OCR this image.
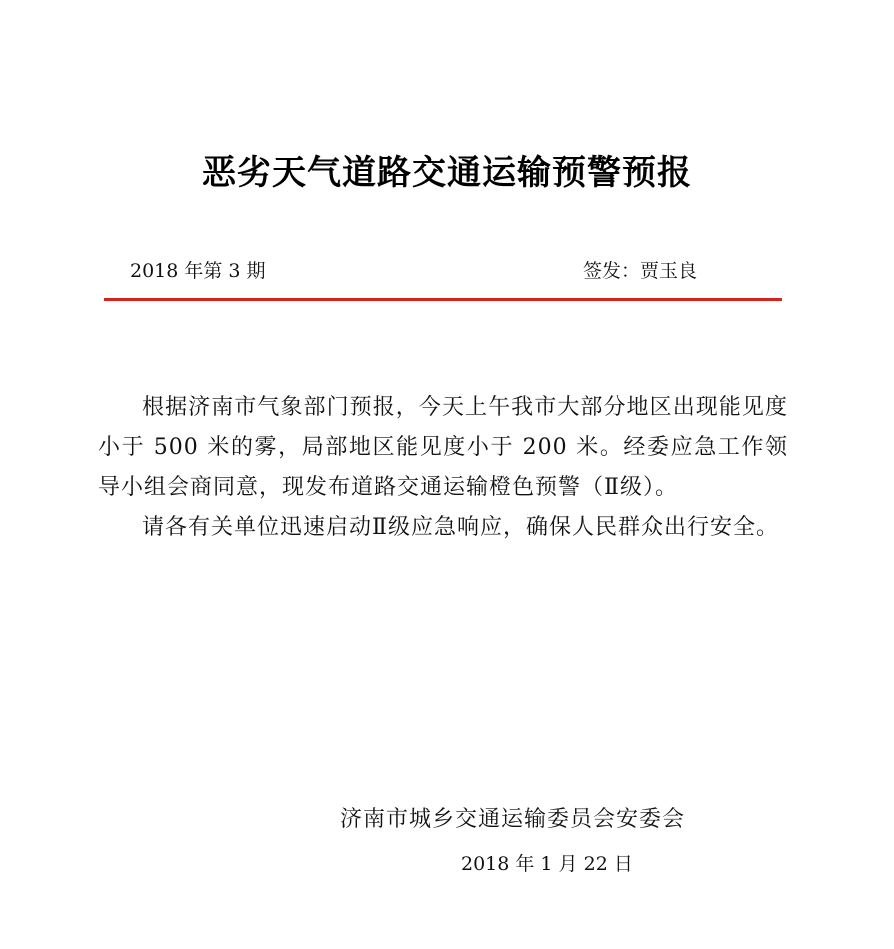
恶劣天气道路交通运输预警预报
2018 年第 3 期	签发：贾玉良

根据济南市气象部门预报，今天上午我市大部分地区出现能见度小于 500 米的雾，局部地区能见度小于 200 米。经委应急工作领导小组会商同意，现发布道路交通运输橙色预警（Ⅱ级）。

请各有关单位迅速启动Ⅱ级应急响应，确保人民群众出行安全。

济南市城乡交通运输委员会安委会
2018 年 1 月 22 日
